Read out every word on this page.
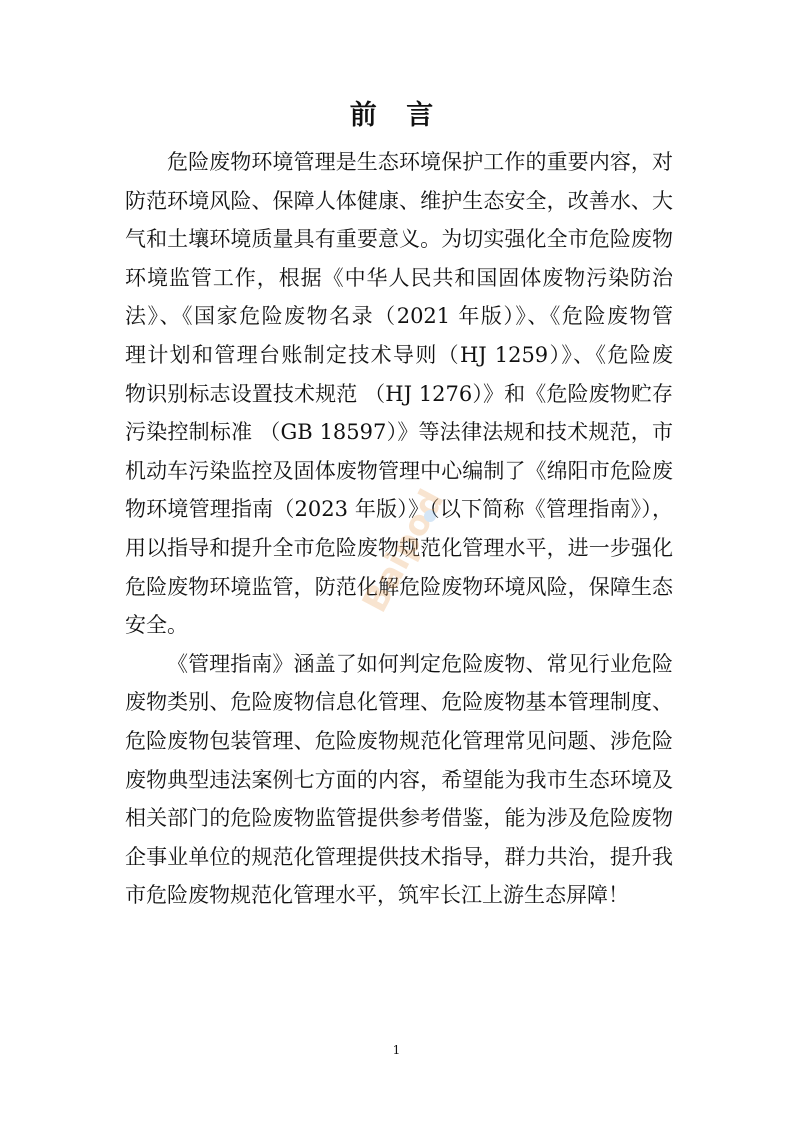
前 言
危险废物环境管理是生态环境保护工作的重要内容，对
防范环境风险、保障人体健康、维护生态安全，改善水、大
气和土壤环境质量具有重要意义。为切实强化全市危险废物
环境监管工作，根据《中华人民共和国固体废物污染防治
法》、《国家危险废物名录（2021 年版）》、《危险废物管
理计划和管理台账制定技术导则（HJ 1259）》、《危险废
物识别标志设置技术规范 （HJ 1276）》和《危险废物贮存
污染控制标准 （GB 18597）》等法律法规和技术规范，市
机动车污染监控及固体废物管理中心编制了《绵阳市危险废
物环境管理指南（2023 年版）》（以下简称《管理指南》），
用以指导和提升全市危险废物规范化管理水平，进一步强化
危险废物环境监管，防范化解危险废物环境风险，保障生态
安全。
《管理指南》涵盖了如何判定危险废物、常见行业危险
废物类别、危险废物信息化管理、危险废物基本管理制度、
危险废物包装管理、危险废物规范化管理常见问题、涉危险
废物典型违法案例七方面的内容，希望能为我市生态环境及
相关部门的危险废物监管提供参考借鉴，能为涉及危险废物
企事业单位的规范化管理提供技术指导，群力共治，提升我
市危险废物规范化管理水平，筑牢长江上游生态屏障！
Baipod
1
